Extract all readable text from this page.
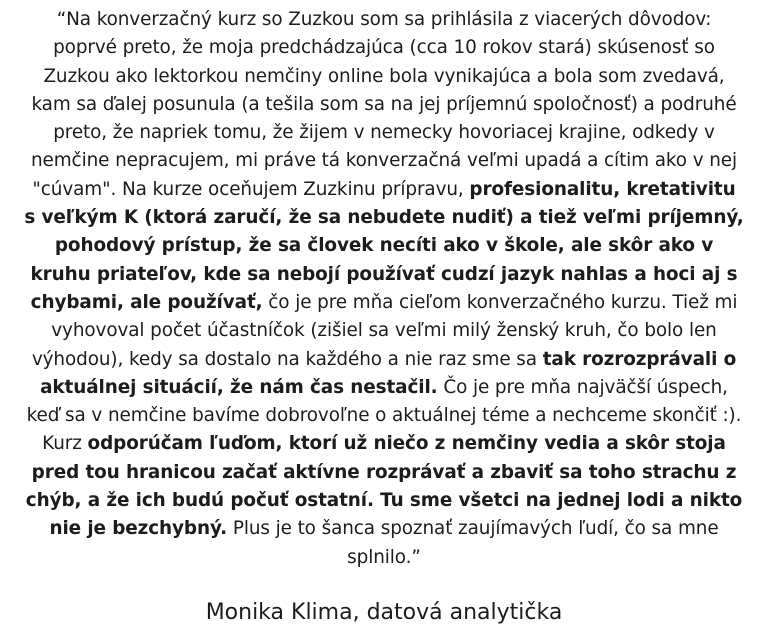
“Na konverzačný kurz so Zuzkou som sa prihlásila z viacerých dôvodov: poprvé preto, že moja predchádzajúca (cca 10 rokov stará) skúsenosť so Zuzkou ako lektorkou nemčiny online bola vynikajúca a bola som zvedavá, kam sa ďalej posunula (a tešila som sa na jej príjemnú spoločnosť) a podruhé preto, že napriek tomu, že žijem v nemecky hovoriacej krajine, odkedy v nemčine nepracujem, mi práve tá konverzačná veľmi upadá a cítim ako v nej "cúvam". Na kurze oceňujem Zuzkinu prípravu, profesionalitu, kretativitu s veľkým K (ktorá zaručí, že sa nebudete nudiť) a tiež veľmi príjemný, pohodový prístup, že sa človek necíti ako v škole, ale skôr ako v kruhu priateľov, kde sa nebojí používať cudzí jazyk nahlas a hoci aj s chybami, ale používať, čo je pre mňa cieľom konverzačného kurzu. Tiež mi vyhovoval počet účastníčok (zišiel sa veľmi milý ženský kruh, čo bolo len výhodou), kedy sa dostalo na každého a nie raz sme sa tak rozrozprávali o aktuálnej situácií, že nám čas nestačil. Čo je pre mňa najväčší úspech, keď sa v nemčine bavíme dobrovoľne o aktuálnej téme a nechceme skončiť :). Kurz odporúčam ľuďom, ktorí už niečo z nemčiny vedia a skôr stoja pred tou hranicou začať aktívne rozprávať a zbaviť sa toho strachu z chýb, a že ich budú počuť ostatní. Tu sme všetci na jednej lodi a nikto nie je bezchybný. Plus je to šanca spoznať zaujímavých ľudí, čo sa mne splnilo.”

Monika Klima, datová analytička
